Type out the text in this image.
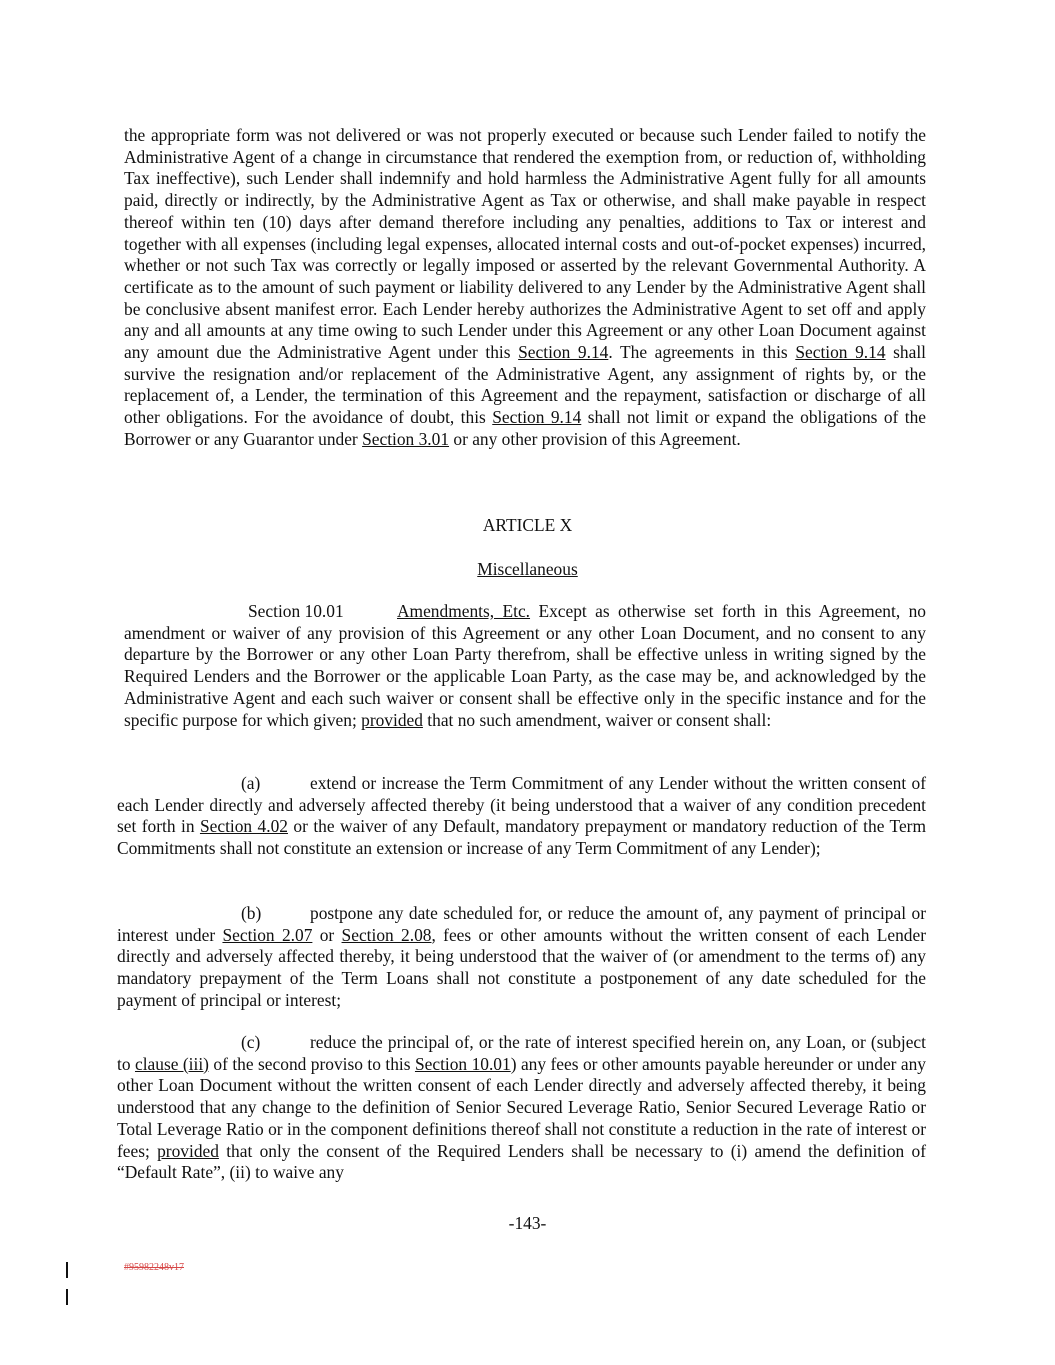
the appropriate form was not delivered or was not properly executed or because such Lender failed to notify the Administrative Agent of a change in circumstance that rendered the exemption from, or reduction of, withholding Tax ineffective), such Lender shall indemnify and hold harmless the Administrative Agent fully for all amounts paid, directly or indirectly, by the Administrative Agent as Tax or otherwise, and shall make payable in respect thereof within ten (10) days after demand therefore including any penalties, additions to Tax or interest and together with all expenses (including legal expenses, allocated internal costs and out-of-pocket expenses) incurred, whether or not such Tax was correctly or legally imposed or asserted by the relevant Governmental Authority. A certificate as to the amount of such payment or liability delivered to any Lender by the Administrative Agent shall be conclusive absent manifest error. Each Lender hereby authorizes the Administrative Agent to set off and apply any and all amounts at any time owing to such Lender under this Agreement or any other Loan Document against any amount due the Administrative Agent under this Section 9.14. The agreements in this Section 9.14 shall survive the resignation and/or replacement of the Administrative Agent, any assignment of rights by, or the replacement of, a Lender, the termination of this Agreement and the repayment, satisfaction or discharge of all other obligations. For the avoidance of doubt, this Section 9.14 shall not limit or expand the obligations of the Borrower or any Guarantor under Section 3.01 or any other provision of this Agreement.

ARTICLE X

Miscellaneous

Section 10.01	Amendments, Etc. Except as otherwise set forth in this Agreement, no amendment or waiver of any provision of this Agreement or any other Loan Document, and no consent to any departure by the Borrower or any other Loan Party therefrom, shall be effective unless in writing signed by the Required Lenders and the Borrower or the applicable Loan Party, as the case may be, and acknowledged by the Administrative Agent and each such waiver or consent shall be effective only in the specific instance and for the specific purpose for which given; provided that no such amendment, waiver or consent shall:

(a)	extend or increase the Term Commitment of any Lender without the written consent of each Lender directly and adversely affected thereby (it being understood that a waiver of any condition precedent set forth in Section 4.02 or the waiver of any Default, mandatory prepayment or mandatory reduction of the Term Commitments shall not constitute an extension or increase of any Term Commitment of any Lender);

(b)	postpone any date scheduled for, or reduce the amount of, any payment of principal or interest under Section 2.07 or Section 2.08, fees or other amounts without the written consent of each Lender directly and adversely affected thereby, it being understood that the waiver of (or amendment to the terms of) any mandatory prepayment of the Term Loans shall not constitute a postponement of any date scheduled for the payment of principal or interest;

(c)	reduce the principal of, or the rate of interest specified herein on, any Loan, or (subject to clause (iii) of the second proviso to this Section 10.01) any fees or other amounts payable hereunder or under any other Loan Document without the written consent of each Lender directly and adversely affected thereby, it being understood that any change to the definition of Senior Secured Leverage Ratio, Senior Secured Leverage Ratio or Total Leverage Ratio or in the component definitions thereof shall not constitute a reduction in the rate of interest or fees; provided that only the consent of the Required Lenders shall be necessary to (i) amend the definition of “Default Rate”, (ii) to waive any

-143-

#95982248v17
